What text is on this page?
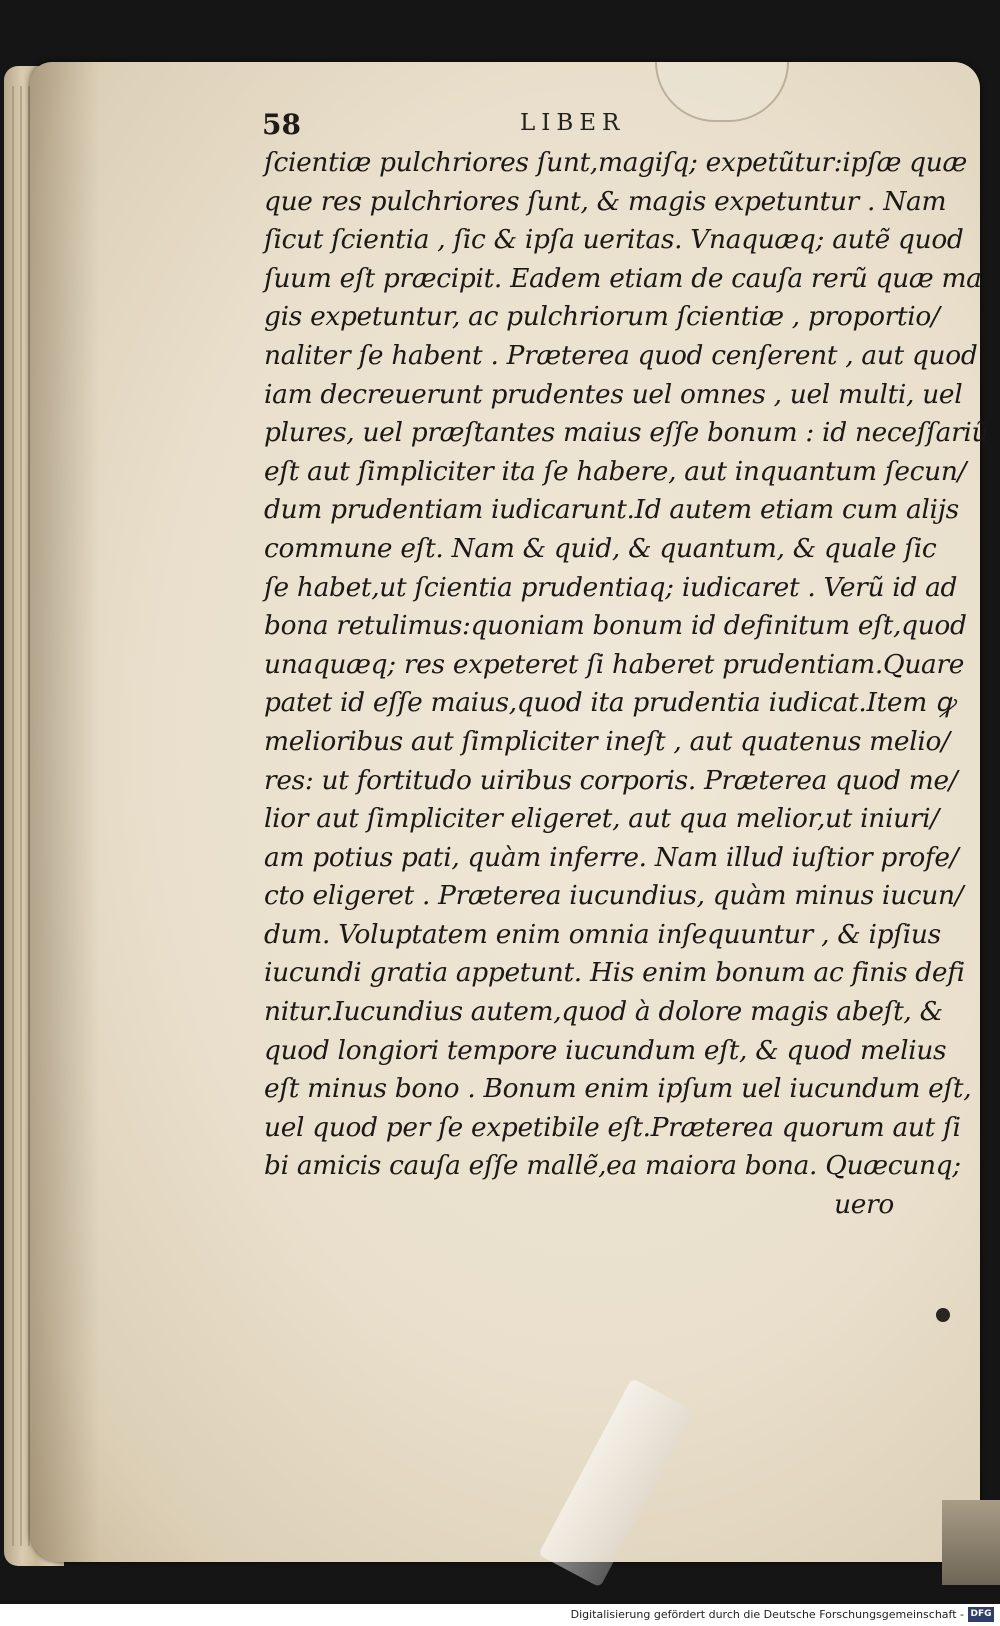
58	LIBER
ſcientiæ pulchriores ſunt,magiſq; expetũtur:ipſæ quæ
que res pulchriores ſunt, & magis expetuntur . Nam
ſicut ſcientia , ſic & ipſa ueritas. Vnaquæq; autẽ quod
ſuum eſt præcipit. Eadem etiam de cauſa rerũ quæ ma
gis expetuntur, ac pulchriorum ſcientiæ , proportio/
naliter ſe habent . Præterea quod cenſerent , aut quod
iam decreuerunt prudentes uel omnes , uel multi, uel
plures, uel præſtantes maius eſſe bonum : id neceſſariũ
eſt aut ſimpliciter ita ſe habere, aut inquantum ſecun/
dum prudentiam iudicarunt.Id autem etiam cum aliјs
commune eſt. Nam & quid, & quantum, & quale ſic
ſe habet,ut ſcientia prudentiaq; iudicaret . Verũ id ad
bona retulimus:quoniam bonum id definitum eſt,quod
unaquæq; res expeteret ſi haberet prudentiam.Quare
patet id eſſe maius,quod ita prudentia iudicat.Item ꝙ
melioribus aut ſimpliciter ineſt , aut quatenus melio/
res: ut fortitudo uiribus corporis. Præterea quod me/
lior aut ſimpliciter eligeret, aut qua melior,ut iniuri/
am potius pati, quàm inferre. Nam illud iuſtior profe/
cto eligeret . Præterea iucundius, quàm minus iucun/
dum. Voluptatem enim omnia inſequuntur , & ipſius
iucundi gratia appetunt. His enim bonum ac finis defi
nitur.Iucundius autem,quod à dolore magis abeſt, &
quod longiori tempore iucundum eſt, & quod melius
eſt minus bono . Bonum enim ipſum uel iucundum eſt,
uel quod per ſe expetibile eſt.Præterea quorum aut ſi
bi amicis cauſa eſſe mallẽ,ea maiora bona. Quæcunq;
uero
Digitalisierung gefördert durch die Deutsche Forschungsgemeinschaft - DFG
